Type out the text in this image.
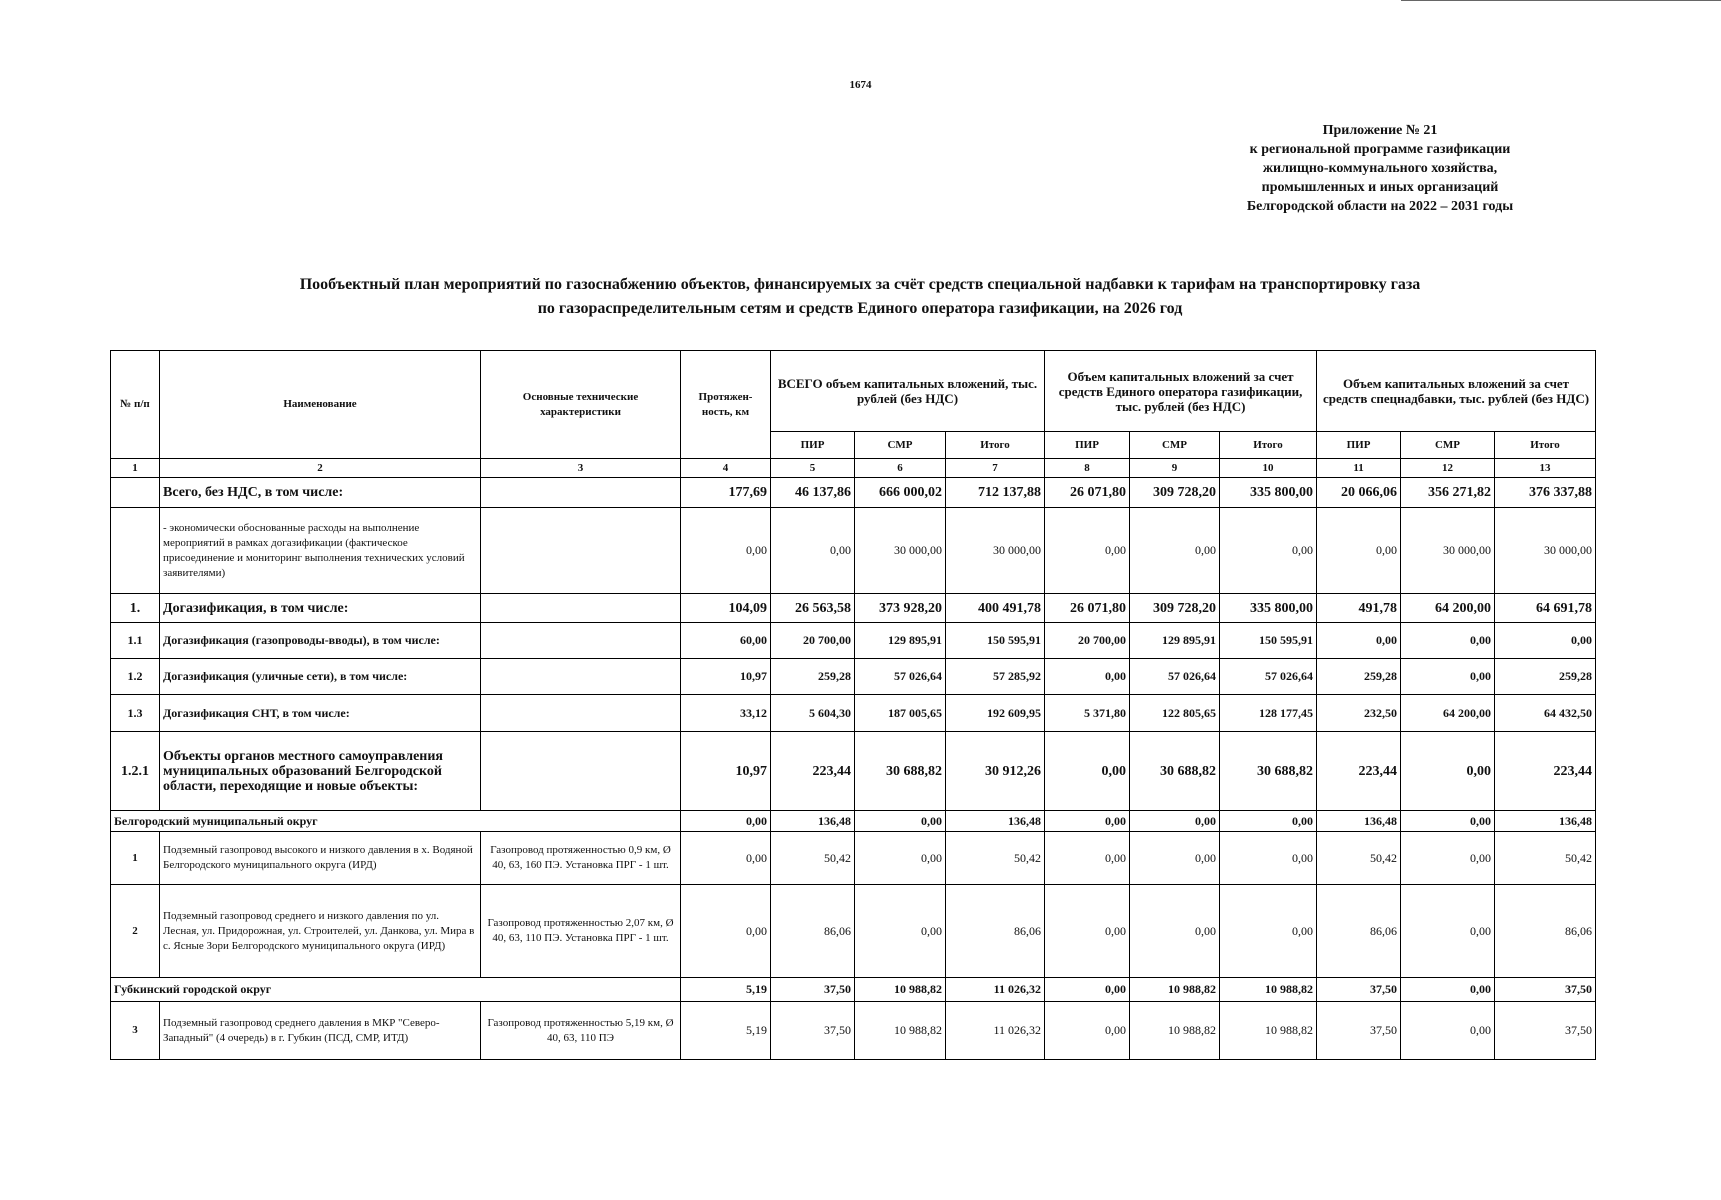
1674
Приложение № 21
к региональной программе газификации
жилищно-коммунального хозяйства,
промышленных и иных организаций
Белгородской области на 2022 – 2031 годы
Пообъектный план мероприятий по газоснабжению объектов, финансируемых за счёт средств специальной надбавки к тарифам на транспортировку газа
по газораспределительным сетям и средств Единого оператора газификации, на 2026 год
№ п/п	Наименование	Основные технические характеристики	Протяжен-ность, км	ВСЕГО объем капитальных вложений, тыс. рублей (без НДС)			Объем капитальных вложений за счет средств Единого оператора газификации, тыс. рублей (без НДС)			Объем капитальных вложений за счет средств спецнадбавки, тыс. рублей (без НДС)		
				ПИР	СМР	Итого	ПИР	СМР	Итого	ПИР	СМР	Итого
1	2	3	4	5	6	7	8	9	10	11	12	13
	Всего, без НДС, в том числе:		177,69	46 137,86	666 000,02	712 137,88	26 071,80	309 728,20	335 800,00	20 066,06	356 271,82	376 337,88
	- экономически обоснованные расходы на выполнение мероприятий в рамках догазификации (фактическое присоединение и мониторинг выполнения технических условий заявителями)		0,00	0,00	30 000,00	30 000,00	0,00	0,00	0,00	0,00	30 000,00	30 000,00
1.	Догазификация, в том числе:		104,09	26 563,58	373 928,20	400 491,78	26 071,80	309 728,20	335 800,00	491,78	64 200,00	64 691,78
1.1	Догазификация (газопроводы-вводы), в том числе:		60,00	20 700,00	129 895,91	150 595,91	20 700,00	129 895,91	150 595,91	0,00	0,00	0,00
1.2	Догазификация (уличные сети), в том числе:		10,97	259,28	57 026,64	57 285,92	0,00	57 026,64	57 026,64	259,28	0,00	259,28
1.3	Догазификация СНТ, в том числе:		33,12	5 604,30	187 005,65	192 609,95	5 371,80	122 805,65	128 177,45	232,50	64 200,00	64 432,50
1.2.1	Объекты органов местного самоуправления муниципальных образований Белгородской области, переходящие и новые объекты:		10,97	223,44	30 688,82	30 912,26	0,00	30 688,82	30 688,82	223,44	0,00	223,44
Белгородский муниципальный округ			0,00	136,48	0,00	136,48	0,00	0,00	0,00	136,48	0,00	136,48
1	Подземный газопровод высокого и низкого давления в х. Водяной Белгородского муниципального округа (ИРД)	Газопровод протяженностью 0,9 км, Ø 40, 63, 160 ПЭ. Установка ПРГ - 1 шт.	0,00	50,42	0,00	50,42	0,00	0,00	0,00	50,42	0,00	50,42
2	Подземный газопровод среднего и низкого давления по ул. Лесная, ул. Придорожная, ул. Строителей, ул. Данкова, ул. Мира в с. Ясные Зори Белгородского муниципального округа (ИРД)	Газопровод протяженностью 2,07 км, Ø 40, 63, 110 ПЭ. Установка ПРГ - 1 шт.	0,00	86,06	0,00	86,06	0,00	0,00	0,00	86,06	0,00	86,06
Губкинский городской округ			5,19	37,50	10 988,82	11 026,32	0,00	10 988,82	10 988,82	37,50	0,00	37,50
3	Подземный газопровод среднего давления в МКР "Северо-Западный" (4 очередь) в г. Губкин (ПСД, СМР, ИТД)	Газопровод протяженностью 5,19 км, Ø 40, 63, 110 ПЭ	5,19	37,50	10 988,82	11 026,32	0,00	10 988,82	10 988,82	37,50	0,00	37,50
